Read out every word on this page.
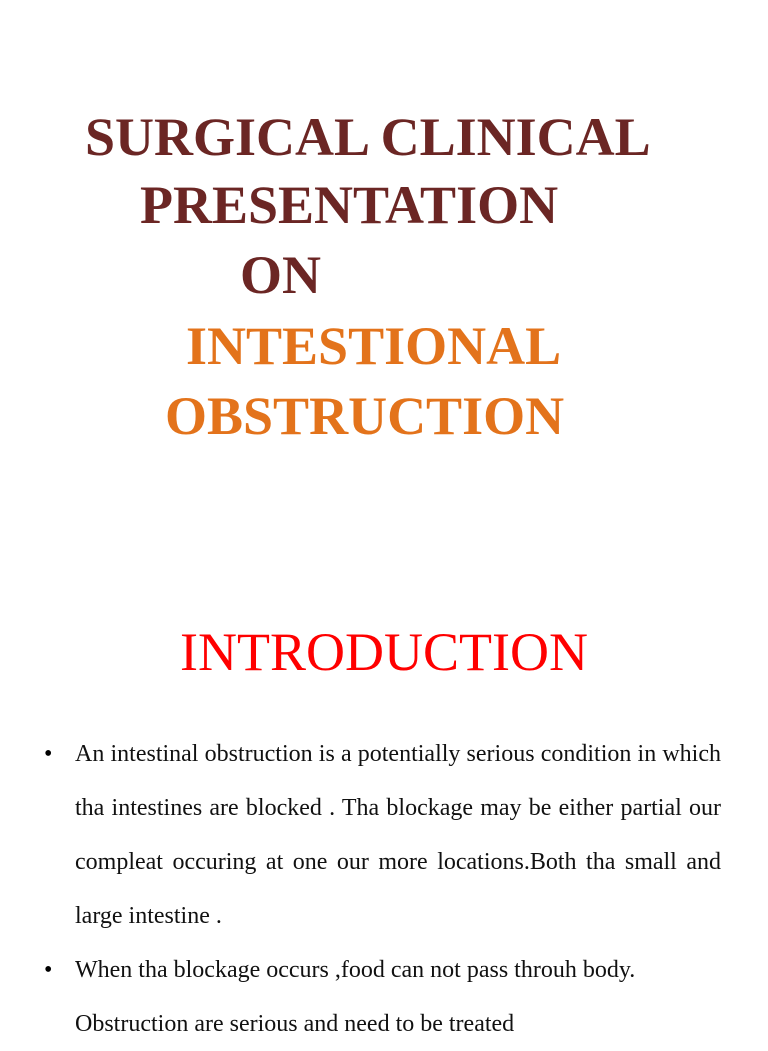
SURGICAL CLINICAL
PRESENTATION
ON
INTESTIONAL
OBSTRUCTION
INTRODUCTION
• An intestinal obstruction is a potentially serious condition in which tha intestines are blocked . Tha blockage may be either partial our compleat occuring at one our more locations.Both tha small and large intestine .

• When tha blockage occurs ,food can not pass throuh body. Obstruction are serious and need to be treated
